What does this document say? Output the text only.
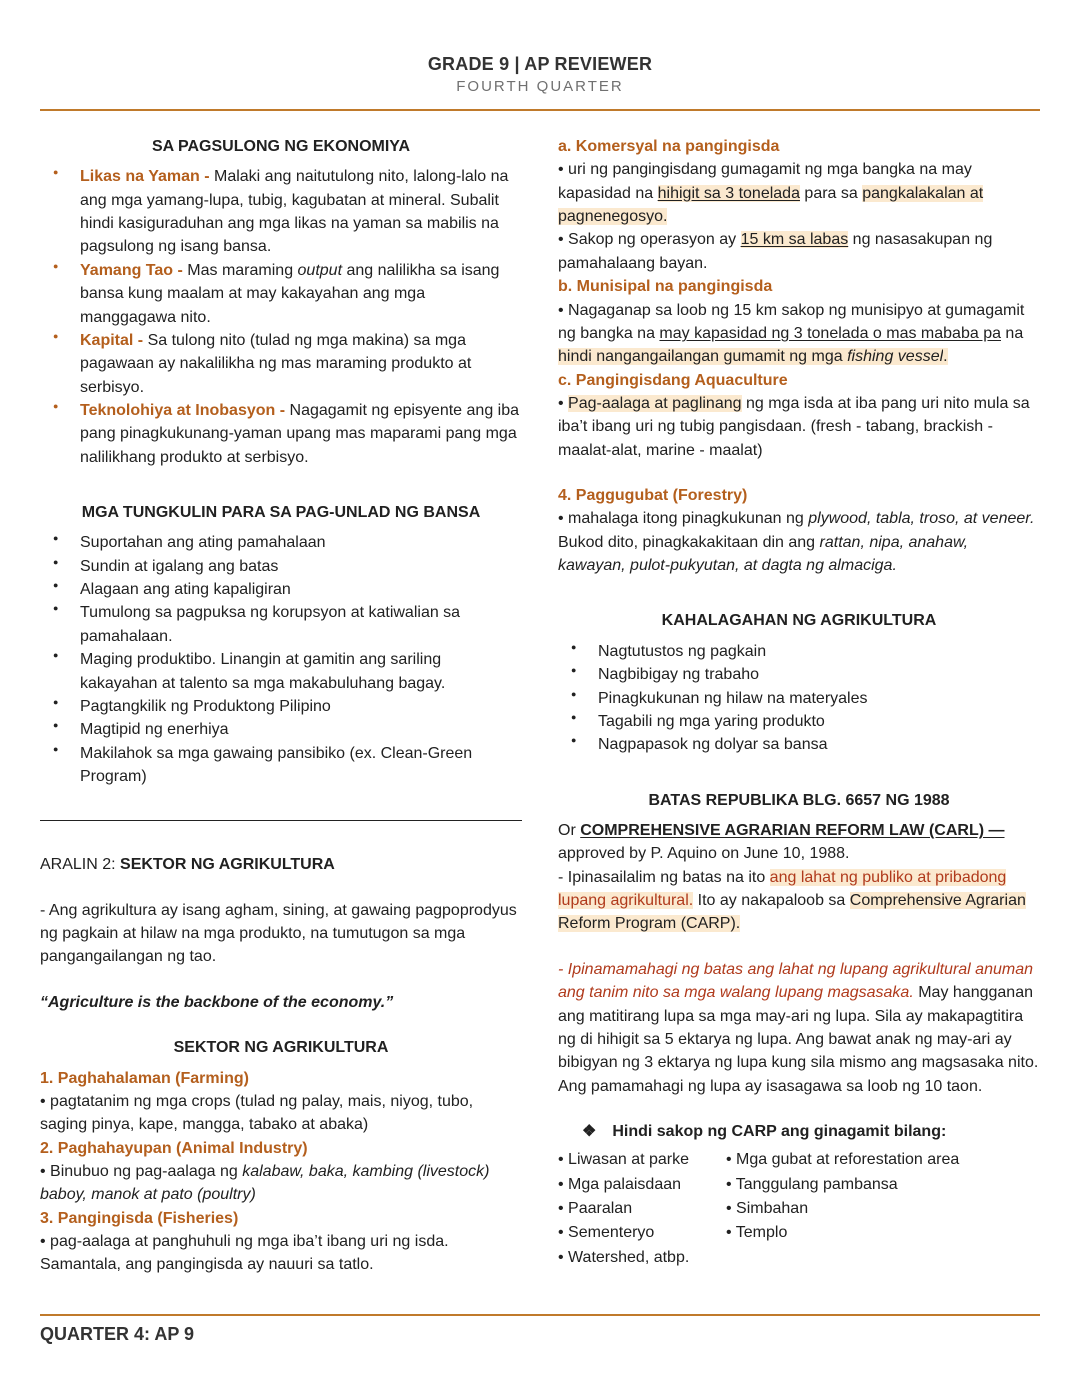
GRADE 9 | AP REVIEWER
FOURTH QUARTER
SA PAGSULONG NG EKONOMIYA
● Likas na Yaman - Malaki ang naitutulong nito, lalong-lalo na ang mga yamang-lupa, tubig, kagubatan at mineral. Subalit hindi kasiguraduhan ang mga likas na yaman sa mabilis na pagsulong ng isang bansa.
● Yamang Tao - Mas maraming output ang nalilikha sa isang bansa kung maalam at may kakayahan ang mga manggagawa nito.
● Kapital - Sa tulong nito (tulad ng mga makina) sa mga pagawaan ay nakalilikha ng mas maraming produkto at serbisyo.
● Teknolohiya at Inobasyon - Nagagamit ng episyente ang iba pang pinagkukunang-yaman upang mas maparami pang mga nalilikhang produkto at serbisyo.
MGA TUNGKULIN PARA SA PAG-UNLAD NG BANSA
● Suportahan ang ating pamahalaan
● Sundin at igalang ang batas
● Alagaan ang ating kapaligiran
● Tumulong sa pagpuksa ng korupsyon at katiwalian sa pamahalaan.
● Maging produktibo. Linangin at gamitin ang sariling kakayahan at talento sa mga makabuluhang bagay.
● Pagtangkilik ng Produktong Pilipino
● Magtipid ng enerhiya
● Makilahok sa mga gawaing pansibiko (ex. Clean-Green Program)
ARALIN 2: SEKTOR NG AGRIKULTURA
- Ang agrikultura ay isang agham, sining, at gawaing pagpoprodyus ng pagkain at hilaw na mga produkto, na tumutugon sa mga pangangailangan ng tao.
“Agriculture is the backbone of the economy.”
SEKTOR NG AGRIKULTURA
1. Paghahalaman (Farming)
• pagtatanim ng mga crops (tulad ng palay, mais, niyog, tubo, saging pinya, kape, mangga, tabako at abaka)
2. Paghahayupan (Animal Industry)
• Binubuo ng pag-aalaga ng kalabaw, baka, kambing (livestock) baboy, manok at pato (poultry)
3. Pangingisda (Fisheries)
• pag-aalaga at panghuhuli ng mga iba’t ibang uri ng isda. Samantala, ang pangingisda ay nauuri sa tatlo.
a. Komersyal na pangingisda
• uri ng pangingisdang gumagamit ng mga bangka na may kapasidad na hihigit sa 3 tonelada para sa pangkalakalan at pagnenegosyo.
• Sakop ng operasyon ay 15 km sa labas ng nasasakupan ng pamahalaang bayan.
b. Munisipal na pangingisda
• Nagaganap sa loob ng 15 km sakop ng munisipyo at gumagamit ng bangka na may kapasidad ng 3 tonelada o mas mababa pa na hindi nangangailangan gumamit ng mga fishing vessel.
c. Pangingisdang Aquaculture
• Pag-aalaga at paglinang ng mga isda at iba pang uri nito mula sa iba’t ibang uri ng tubig pangisdaan. (fresh - tabang, brackish - maalat-alat, marine - maalat)
4. Paggugubat (Forestry)
• mahalaga itong pinagkukunan ng plywood, tabla, troso, at veneer. Bukod dito, pinagkakakitaan din ang rattan, nipa, anahaw, kawayan, pulot-pukyutan, at dagta ng almaciga.
KAHALAGAHAN NG AGRIKULTURA
● Nagtutustos ng pagkain
● Nagbibigay ng trabaho
● Pinagkukunan ng hilaw na materyales
● Tagabili ng mga yaring produkto
● Nagpapasok ng dolyar sa bansa
BATAS REPUBLIKA BLG. 6657 NG 1988
Or COMPREHENSIVE AGRARIAN REFORM LAW (CARL) — approved by P. Aquino on June 10, 1988.
- Ipinasailalim ng batas na ito ang lahat ng publiko at pribadong lupang agrikultural. Ito ay nakapaloob sa Comprehensive Agrarian Reform Program (CARP).
- Ipinamamahagi ng batas ang lahat ng lupang agrikultural anuman ang tanim nito sa mga walang lupang magsasaka. May hangganan ang matitirang lupa sa mga may-ari ng lupa. Sila ay makapagtitira ng di hihigit sa 5 ektarya ng lupa. Ang bawat anak ng may-ari ay bibigyan ng 3 ektarya ng lupa kung sila mismo ang magsasaka nito. Ang pamamahagi ng lupa ay isasagawa sa loob ng 10 taon.
❖ Hindi sakop ng CARP ang ginagamit bilang:
• Liwasan at parke
• Mga palaisdaan
• Paaralan
• Sementeryo
• Watershed, atbp.
• Mga gubat at reforestation area
• Tanggulang pambansa
• Simbahan
• Templo
QUARTER 4: AP 9
